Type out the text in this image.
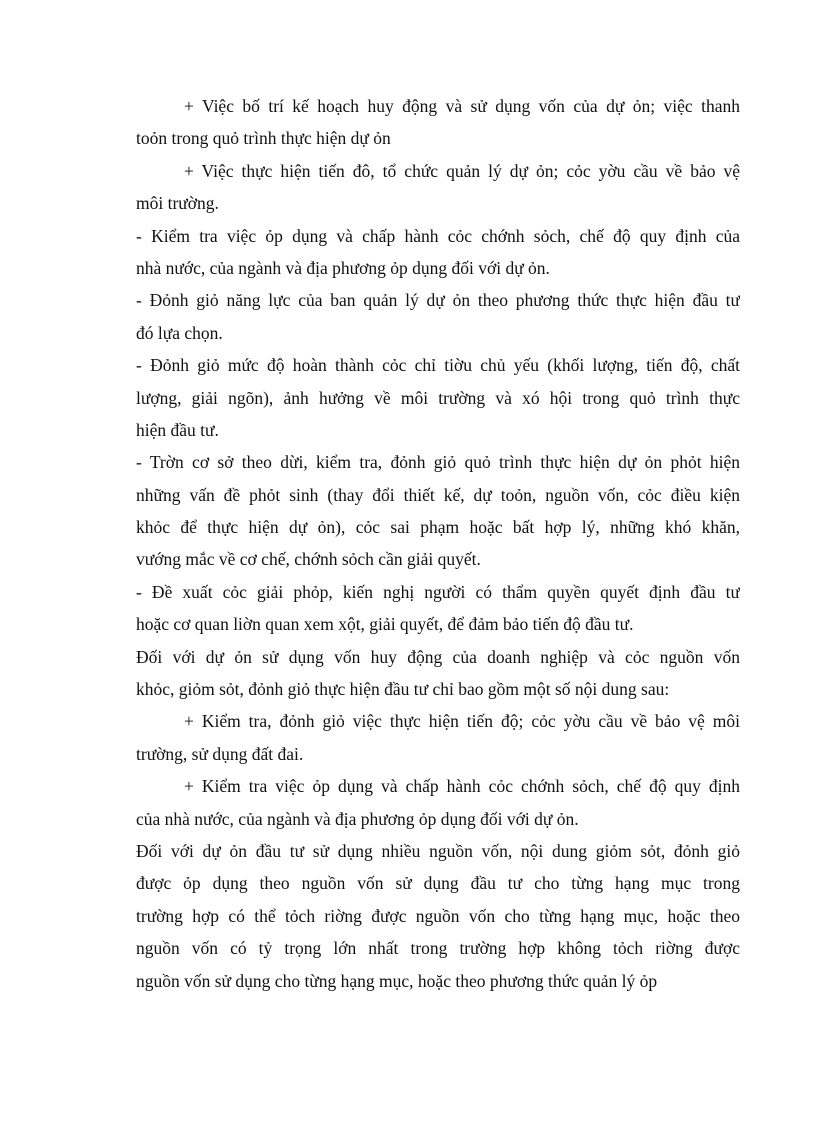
+ Việc bố trí kế hoạch huy động và sử dụng vốn của dự ỏn; việc thanh
toỏn trong quỏ trình thực hiện dự ỏn
+ Việc thực hiện tiến đô, tổ chức quản lý dự ỏn; cỏc yờu cầu về bảo vệ
môi trường.
- Kiểm tra việc ỏp dụng và chấp hành cỏc chớnh sỏch, chế độ quy định của
nhà nước, của ngành và địa phương ỏp dụng đối với dự ỏn.
- Đỏnh giỏ năng lực của ban quản lý dự ỏn theo phương thức thực hiện đầu tư
đó lựa chọn.
- Đỏnh giỏ mức độ hoàn thành cỏc chỉ tiờu chủ yếu (khối lượng, tiến độ, chất
lượng, giải ngõn), ảnh hưởng về môi trường và xó hội trong quỏ trình thực
hiện đầu tư.
- Trờn cơ sở theo dừi, kiểm tra, đỏnh giỏ quỏ trình thực hiện dự ỏn phỏt hiện
những vấn đề phỏt sinh (thay đổi thiết kế, dự toỏn, nguồn vốn, cỏc điều kiện
khỏc để thực hiện dự ỏn), cỏc sai phạm hoặc bất hợp lý, những khó khăn,
vướng mắc về cơ chế, chớnh sỏch cần giải quyết.
- Đề xuất cỏc giải phỏp, kiến nghị người có thẩm quyền quyết định đầu tư
hoặc cơ quan liờn quan xem xột, giải quyết, để đảm bảo tiến độ đầu tư.
Đối với dự ỏn sử dụng vốn huy động của doanh nghiệp và cỏc nguồn vốn
khỏc, giỏm sỏt, đỏnh giỏ thực hiện đầu tư chỉ bao gồm một số nội dung sau:
+ Kiểm tra, đỏnh giỏ việc thực hiện tiến độ; cỏc yờu cầu về bảo vệ môi
trường, sử dụng đất đai.
+ Kiểm tra việc ỏp dụng và chấp hành cỏc chớnh sỏch, chế độ quy định
của nhà nước, của ngành và địa phương ỏp dụng đối với dự ỏn.
Đối với dự ỏn đầu tư sử dụng nhiều nguồn vốn, nội dung giỏm sỏt, đỏnh giỏ
được ỏp dụng theo nguồn vốn sử dụng đầu tư cho từng hạng mục trong
trường hợp có thể tỏch riờng được nguồn vốn cho từng hạng mục, hoặc theo
nguồn vốn có tỷ trọng lớn nhất trong trường hợp không tỏch riờng được
nguồn vốn sử dụng cho từng hạng mục, hoặc theo phương thức quản lý ỏp
